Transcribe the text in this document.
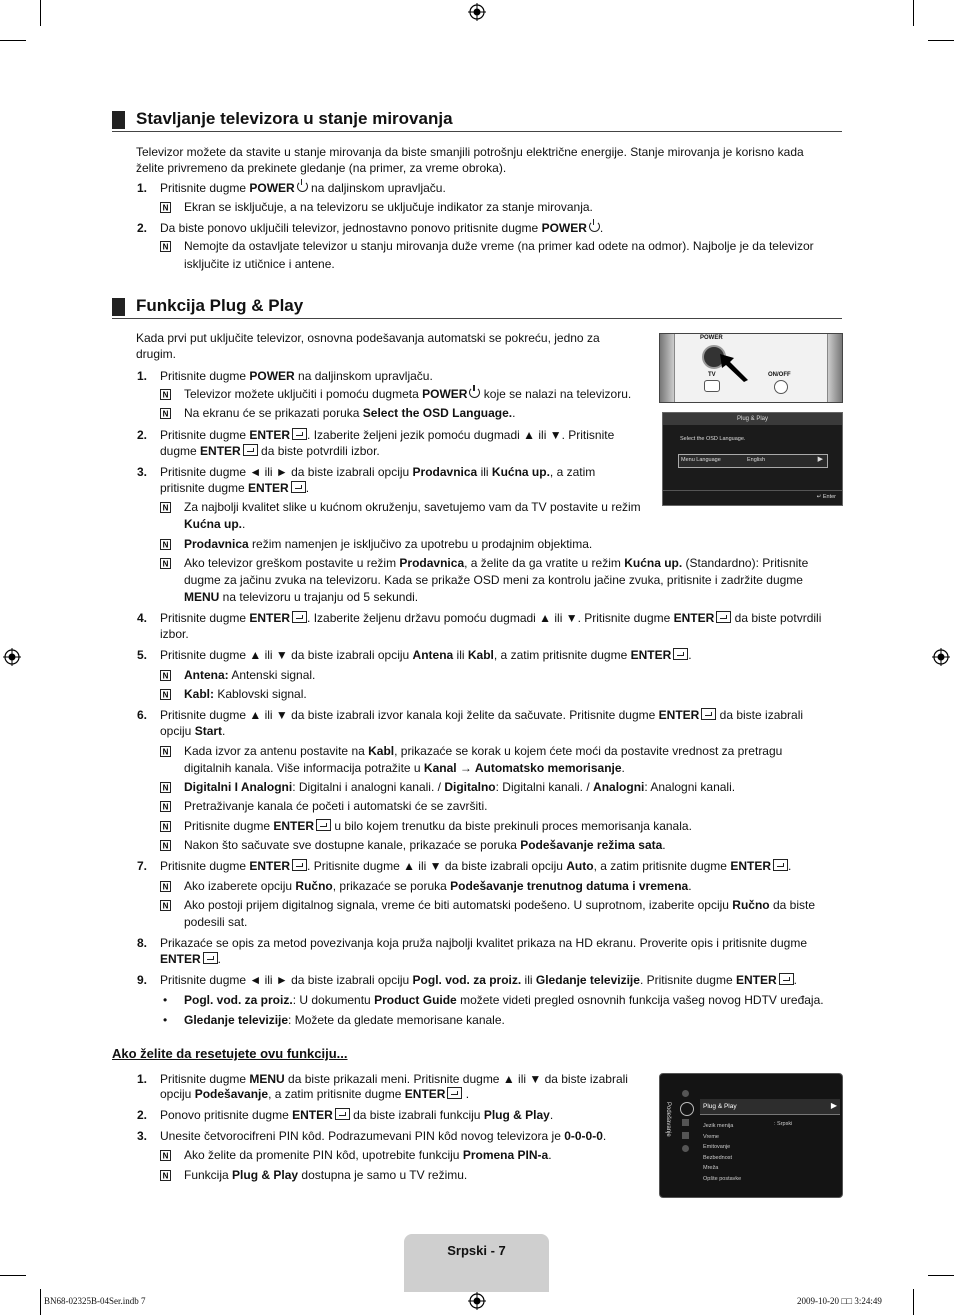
Stavljanje televizora u stanje mirovanja
Televizor možete da stavite u stanje mirovanja da biste smanjili potrošnju električne energije. Stanje mirovanja je korisno kada
želite privremeno da prekinete gledanje (na primer, za vreme obroka).
1. Pritisnite dugme POWER na daljinskom upravljaču.
N Ekran se isključuje, a na televizoru se uključuje indikator za stanje mirovanja.
2. Da biste ponovo uključili televizor, jednostavno ponovo pritisnite dugme POWER .
N Nemojte da ostavljate televizor u stanju mirovanja duže vreme (na primer kad odete na odmor). Najbolje je da televizor
isključite iz utičnice i antene.
Funkcija Plug & Play
Kada prvi put uključite televizor, osnovna podešavanja automatski se pokreću, jedno za
drugim.
POWER
TV	ON/OFF
Plug & Play
Select the OSD Language.
Menu Language	English	▶
↵ Enter
1. Pritisnite dugme POWER na daljinskom upravljaču.
N Televizor možete uključiti i pomoću dugmeta POWER koje se nalazi na televizoru.
N Na ekranu će se prikazati poruka Select the OSD Language..
2. Pritisnite dugme ENTER . Izaberite željeni jezik pomoću dugmadi ▲ ili ▼. Pritisnite
dugme ENTER da biste potvrdili izbor.
3. Pritisnite dugme ◄ ili ► da biste izabrali opciju Prodavnica ili Kućna up., a zatim
pritisnite dugme ENTER .
N Za najbolji kvalitet slike u kućnom okruženju, savetujemo vam da TV postavite u režim
Kućna up..
N Prodavnica režim namenjen je isključivo za upotrebu u prodajnim objektima.
N Ako televizor greškom postavite u režim Prodavnica, a želite da ga vratite u režim Kućna up. (Standardno): Pritisnite
dugme za jačinu zvuka na televizoru. Kada se prikaže OSD meni za kontrolu jačine zvuka, pritisnite i zadržite dugme
MENU na televizoru u trajanju od 5 sekundi.
4. Pritisnite dugme ENTER . Izaberite željenu državu pomoću dugmadi ▲ ili ▼. Pritisnite dugme ENTER da biste potvrdili
izbor.
5. Pritisnite dugme ▲ ili ▼ da biste izabrali opciju Antena ili Kabl, a zatim pritisnite dugme ENTER .
N Antena: Antenski signal.
N Kabl: Kablovski signal.
6. Pritisnite dugme ▲ ili ▼ da biste izabrali izvor kanala koji želite da sačuvate. Pritisnite dugme ENTER da biste izabrali
opciju Start.
N Kada izvor za antenu postavite na Kabl, prikazaće se korak u kojem ćete moći da postavite vrednost za pretragu
digitalnih kanala. Više informacija potražite u Kanal → Automatsko memorisanje.
N Digitalni I Analogni: Digitalni i analogni kanali. / Digitalno: Digitalni kanali. / Analogni: Analogni kanali.
N Pretraživanje kanala će početi i automatski će se završiti.
N Pritisnite dugme ENTER u bilo kojem trenutku da biste prekinuli proces memorisanja kanala.
N Nakon što sačuvate sve dostupne kanale, prikazaće se poruka Podešavanje režima sata.
7. Pritisnite dugme ENTER . Pritisnite dugme ▲ ili ▼ da biste izabrali opciju Auto, a zatim pritisnite dugme ENTER .
N Ako izaberete opciju Ručno, prikazaće se poruka Podešavanje trenutnog datuma i vremena.
N Ako postoji prijem digitalnog signala, vreme će biti automatski podešeno. U suprotnom, izaberite opciju Ručno da biste
podesili sat.
8. Prikazaće se opis za metod povezivanja koja pruža najbolji kvalitet prikaza na HD ekranu. Proverite opis i pritisnite dugme
ENTER .
9. Pritisnite dugme ◄ ili ► da biste izabrali opciju Pogl. vod. za proiz. ili Gledanje televizije. Pritisnite dugme ENTER .
• Pogl. vod. za proiz.: U dokumentu Product Guide možete videti pregled osnovnih funkcija vašeg novog HDTV uređaja.
• Gledanje televizije: Možete da gledate memorisane kanale.
Ako želite da resetujete ovu funkciju...
1. Pritisnite dugme MENU da biste prikazali meni. Pritisnite dugme ▲ ili ▼ da biste izabrali
opciju Podešavanje, a zatim pritisnite dugme ENTER .
2. Ponovo pritisnite dugme ENTER da biste izabrali funkciju Plug & Play.
3. Unesite četvorocifreni PIN kôd. Podrazumevani PIN kôd novog televizora je 0-0-0-0.
N Ako želite da promenite PIN kôd, upotrebite funkciju Promena PIN-a.
N Funkcija Plug & Play dostupna je samo u TV režimu.
Podešavanje	Plug & Play	▶
Jezik menija
Vreme
Emitovanje
Bezbednost
Mreža
Opšte postavke
: Srpski
Srpski - 7
BN68-02325B-04Ser.indb 7	2009-10-20 □□ 3:24:49
